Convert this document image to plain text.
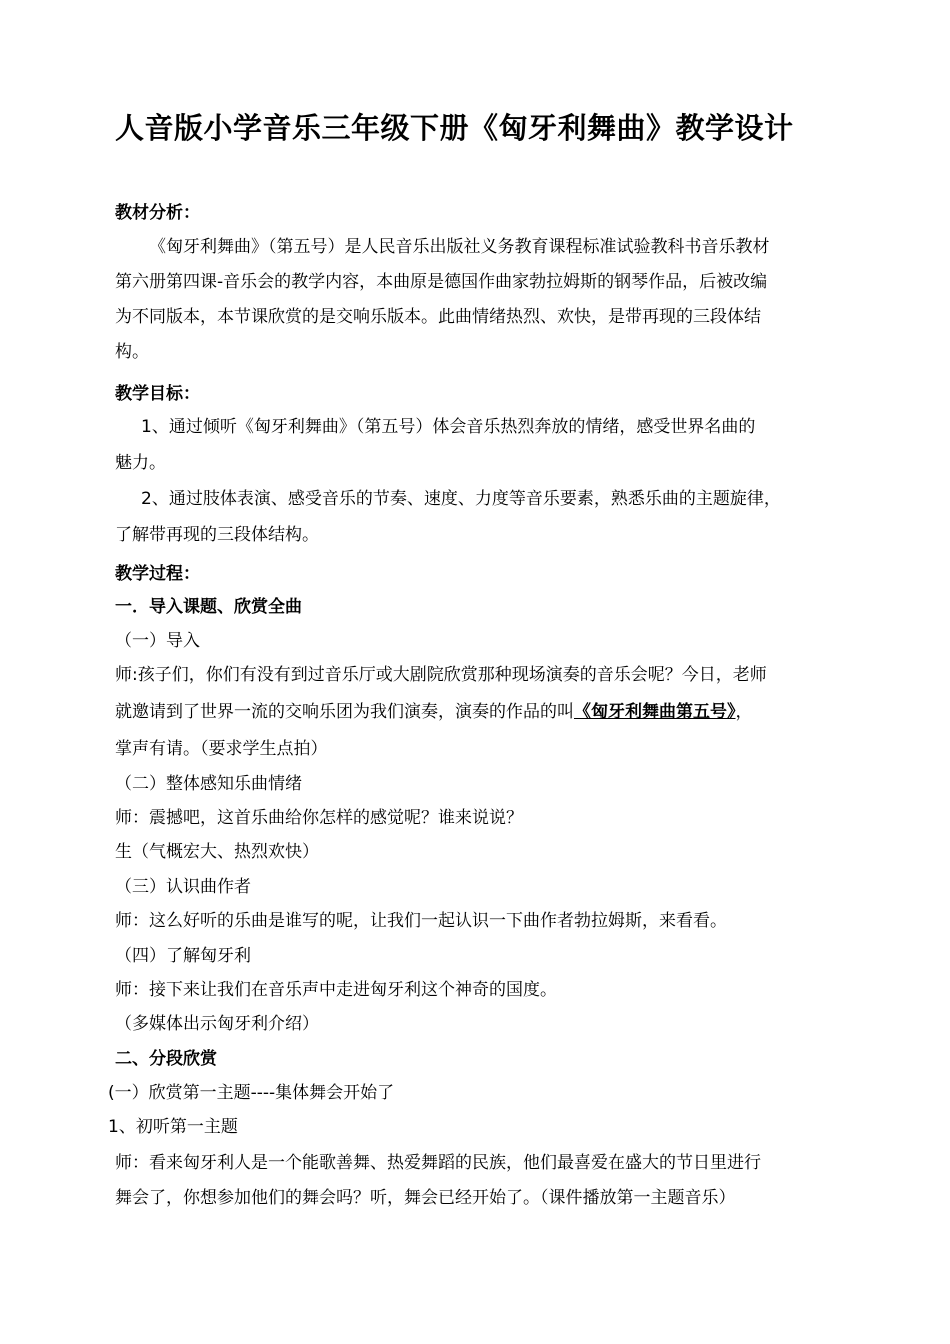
人音版小学音乐三年级下册《匈牙利舞曲》教学设计
教材分析：
《匈牙利舞曲》（第五号）是人民音乐出版社义务教育课程标准试验教科书音乐教材
第六册第四课-音乐会的教学内容，本曲原是德国作曲家勃拉姆斯的钢琴作品，后被改编
为不同版本，本节课欣赏的是交响乐版本。此曲情绪热烈、欢快，是带再现的三段体结
构。
教学目标：
1、通过倾听《匈牙利舞曲》（第五号）体会音乐热烈奔放的情绪，感受世界名曲的
魅力。
2、通过肢体表演、感受音乐的节奏、速度、力度等音乐要素，熟悉乐曲的主题旋律，
了解带再现的三段体结构。
教学过程：
一．导入课题、欣赏全曲
（一）导入
师:孩子们，你们有没有到过音乐厅或大剧院欣赏那种现场演奏的音乐会呢？今日，老师
就邀请到了世界一流的交响乐团为我们演奏，演奏的作品的叫《匈牙利舞曲第五号》，
掌声有请。（要求学生点拍）
（二）整体感知乐曲情绪
师：震撼吧，这首乐曲给你怎样的感觉呢？谁来说说？
生（气概宏大、热烈欢快）
（三）认识曲作者
师：这么好听的乐曲是谁写的呢，让我们一起认识一下曲作者勃拉姆斯，来看看。
（四）了解匈牙利
师：接下来让我们在音乐声中走进匈牙利这个神奇的国度。
（多媒体出示匈牙利介绍）
二、分段欣赏
(一）欣赏第一主题----集体舞会开始了
1、初听第一主题
师：看来匈牙利人是一个能歌善舞、热爱舞蹈的民族，他们最喜爱在盛大的节日里进行
舞会了，你想参加他们的舞会吗？听，舞会已经开始了。（课件播放第一主题音乐）
